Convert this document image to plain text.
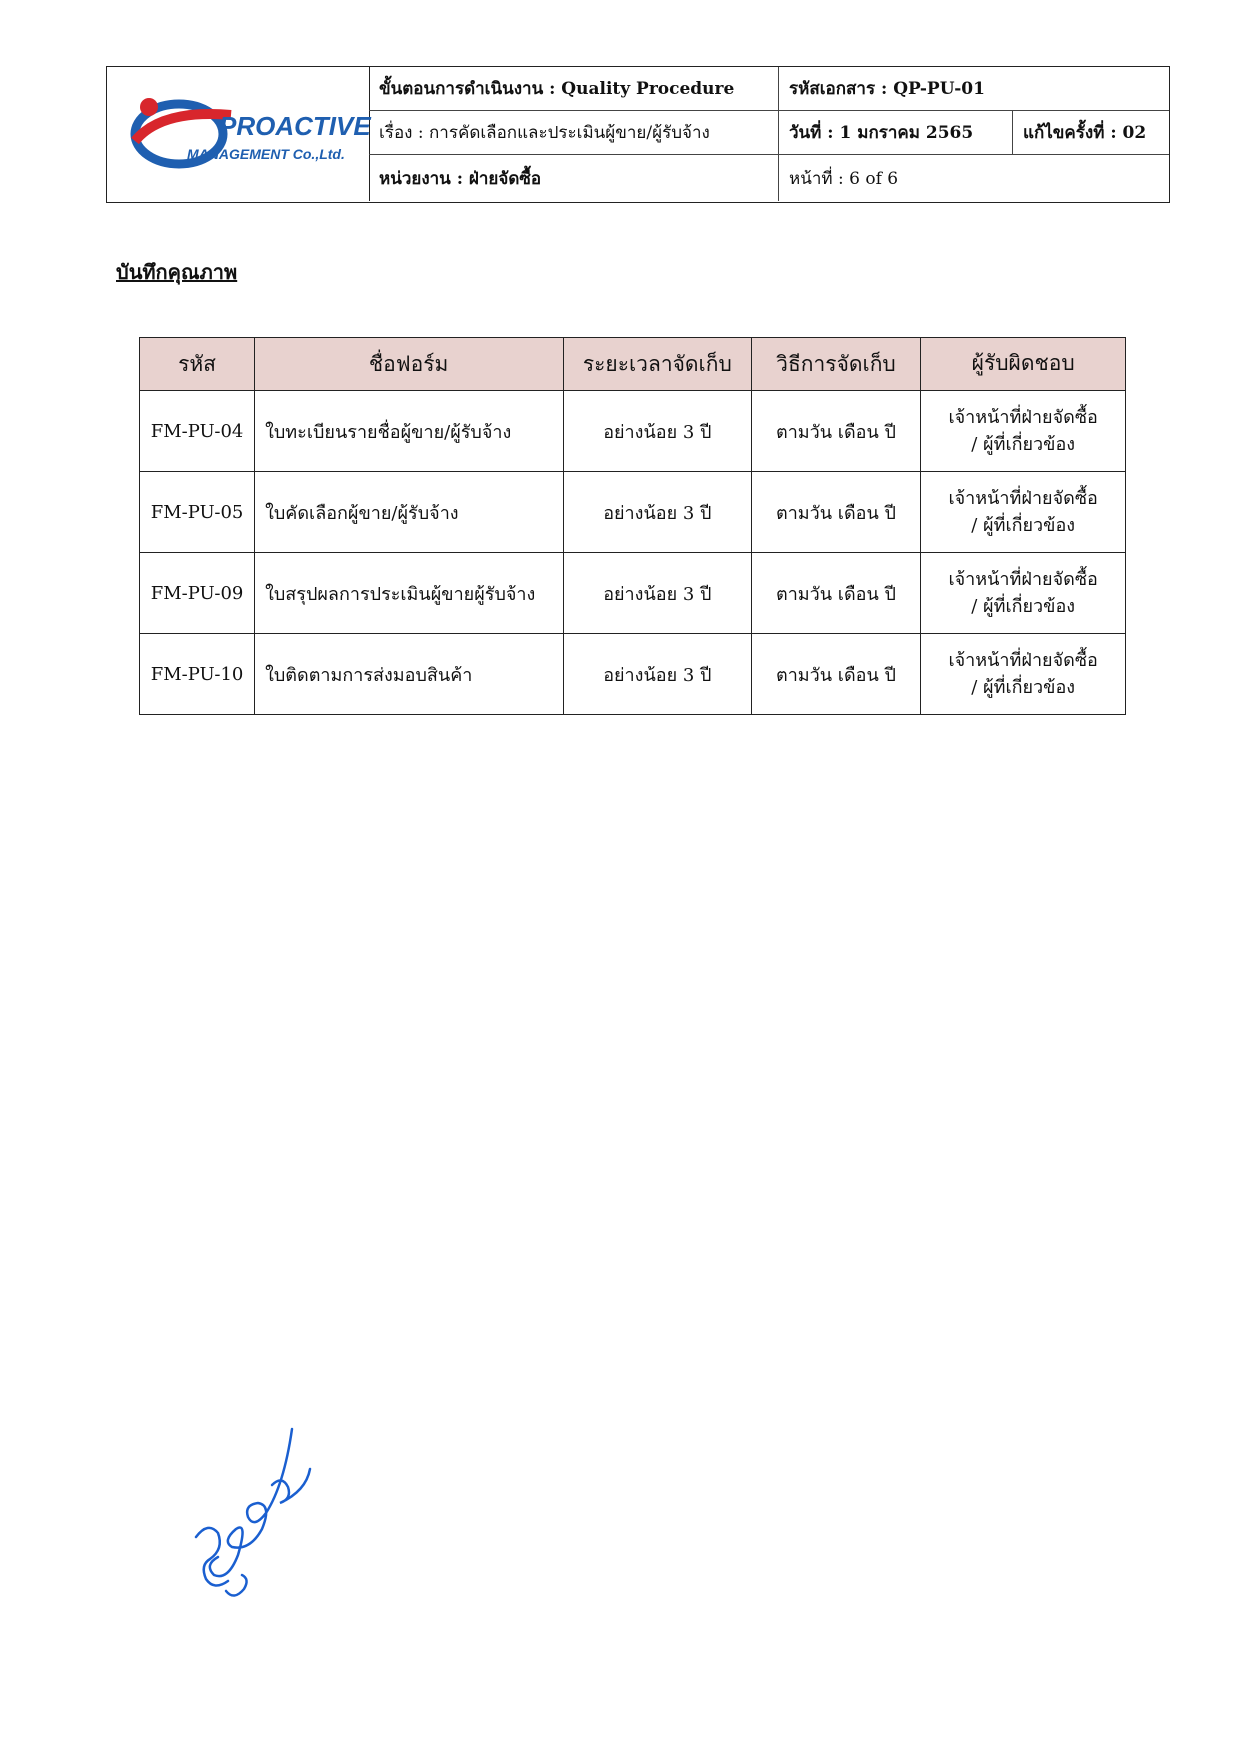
PROACTIVE
MANAGEMENT Co.,Ltd.
ขั้นตอนการดำเนินงาน : Quality Procedure	รหัสเอกสาร : QP-PU-01
เรื่อง : การคัดเลือกและประเมินผู้ขาย/ผู้รับจ้าง	วันที่ : 1 มกราคม 2565	แก้ไขครั้งที่ : 02
หน่วยงาน : ฝ่ายจัดซื้อ	หน้าที่ : 6 of 6
บันทึกคุณภาพ
รหัส	ชื่อฟอร์ม	ระยะเวลาจัดเก็บ	วิธีการจัดเก็บ	ผู้รับผิดชอบ
FM-PU-04	ใบทะเบียนรายชื่อผู้ขาย/ผู้รับจ้าง	อย่างน้อย 3 ปี	ตามวัน เดือน ปี	เจ้าหน้าที่ฝ่ายจัดซื้อ
/ ผู้ที่เกี่ยวข้อง

FM-PU-05	ใบคัดเลือกผู้ขาย/ผู้รับจ้าง	อย่างน้อย 3 ปี	ตามวัน เดือน ปี	เจ้าหน้าที่ฝ่ายจัดซื้อ
/ ผู้ที่เกี่ยวข้อง

FM-PU-09	ใบสรุปผลการประเมินผู้ขายผู้รับจ้าง	อย่างน้อย 3 ปี	ตามวัน เดือน ปี	เจ้าหน้าที่ฝ่ายจัดซื้อ
/ ผู้ที่เกี่ยวข้อง

FM-PU-10	ใบติดตามการส่งมอบสินค้า	อย่างน้อย 3 ปี	ตามวัน เดือน ปี	เจ้าหน้าที่ฝ่ายจัดซื้อ
/ ผู้ที่เกี่ยวข้อง
